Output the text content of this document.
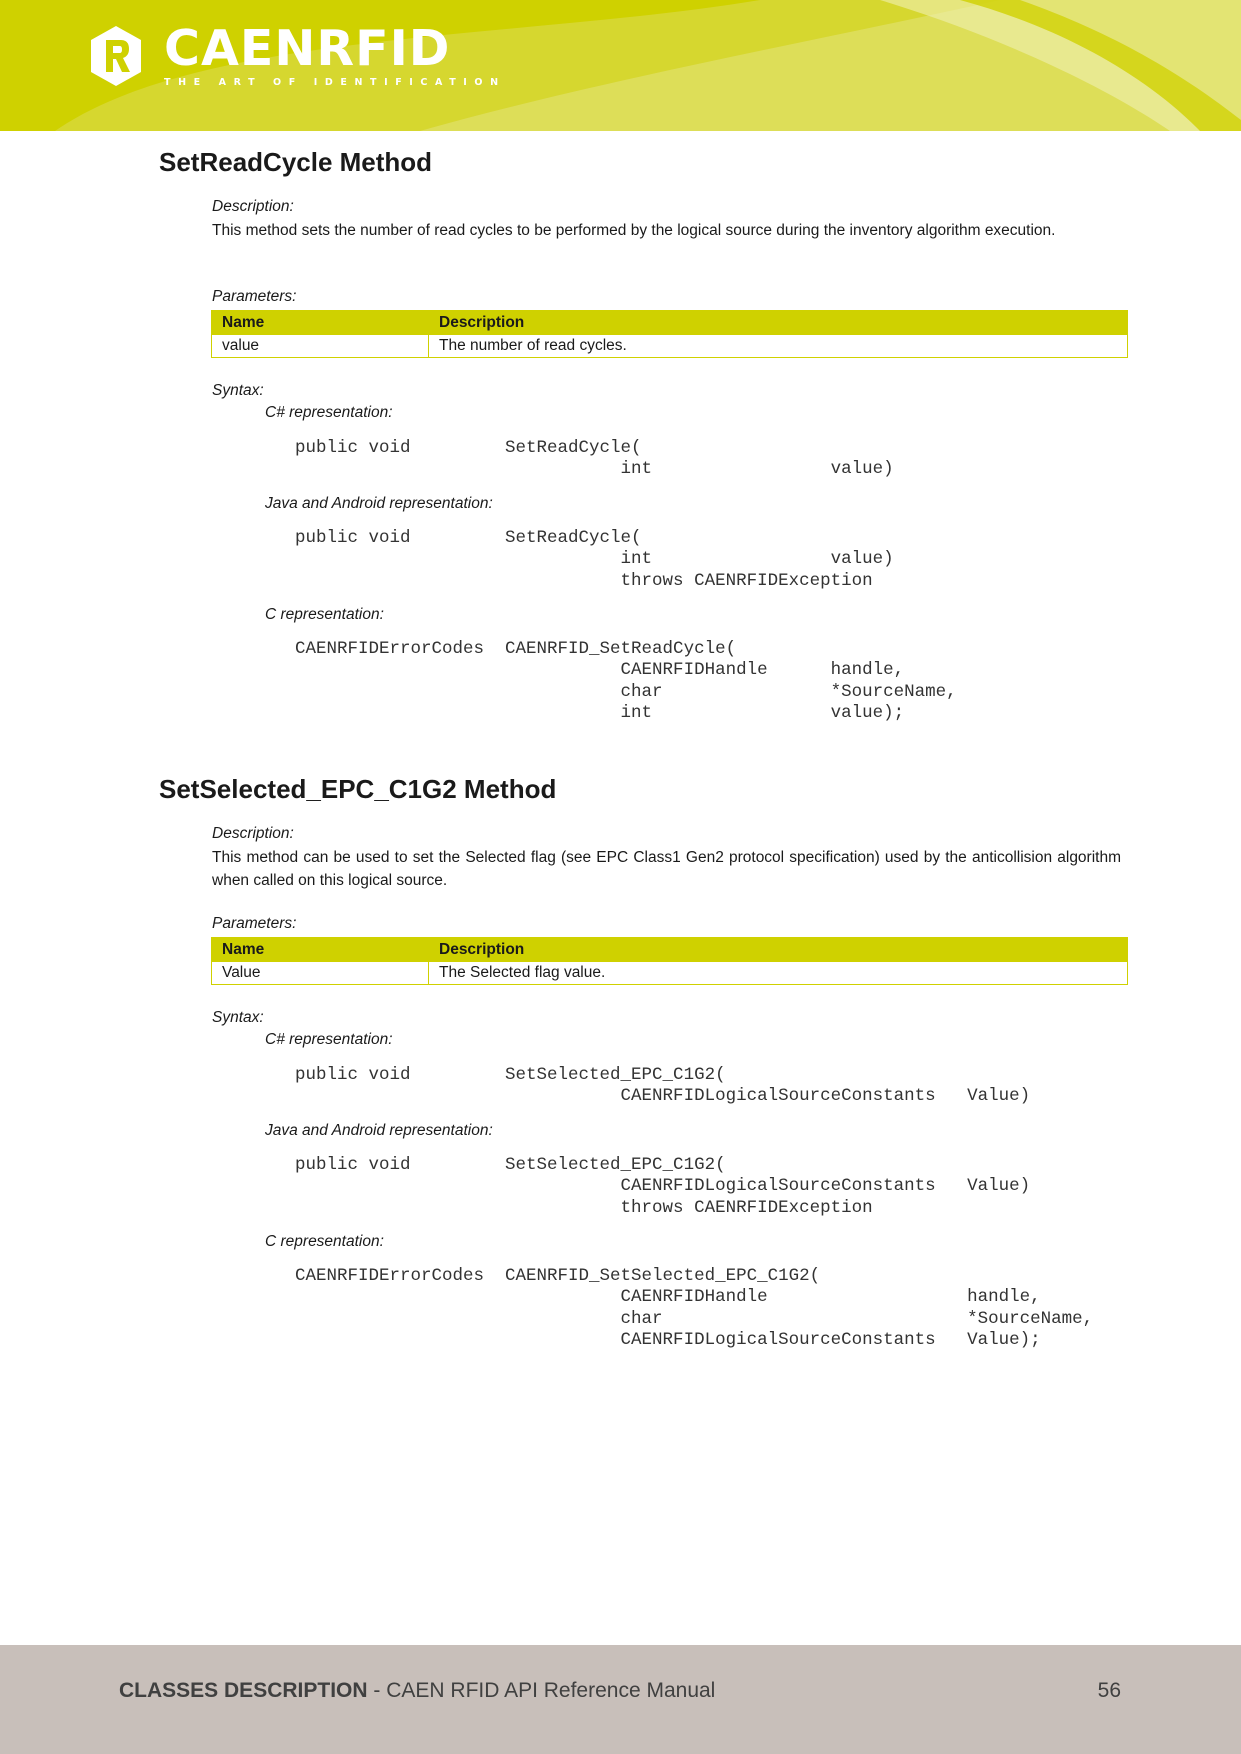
CAENRFID
THE ART OF IDENTIFICATION
SetReadCycle Method
Description:
This method sets the number of read cycles to be performed by the logical source during the inventory algorithm execution.
Parameters:
Name	Description
value	The number of read cycles.
Syntax:
C# representation:
public void         SetReadCycle(
int                 value)
Java and Android representation:
public void         SetReadCycle(
int                 value)
throws CAENRFIDException
C representation:
CAENRFIDErrorCodes  CAENRFID_SetReadCycle(
CAENRFIDHandle      handle,
char                *SourceName,
int                 value);
SetSelected_EPC_C1G2 Method
Description:
This method can be used to set the Selected flag (see EPC Class1 Gen2 protocol specification) used by the anticollision algorithm when called on this logical source.
Parameters:
Name	Description
Value	The Selected flag value.
Syntax:
C# representation:
public void         SetSelected_EPC_C1G2(
CAENRFIDLogicalSourceConstants   Value)
Java and Android representation:
public void         SetSelected_EPC_C1G2(
CAENRFIDLogicalSourceConstants   Value)
throws CAENRFIDException
C representation:
CAENRFIDErrorCodes  CAENRFID_SetSelected_EPC_C1G2(
CAENRFIDHandle                   handle,
char                             *SourceName,
CAENRFIDLogicalSourceConstants   Value);
CLASSES DESCRIPTION - CAEN RFID API Reference Manual	56
